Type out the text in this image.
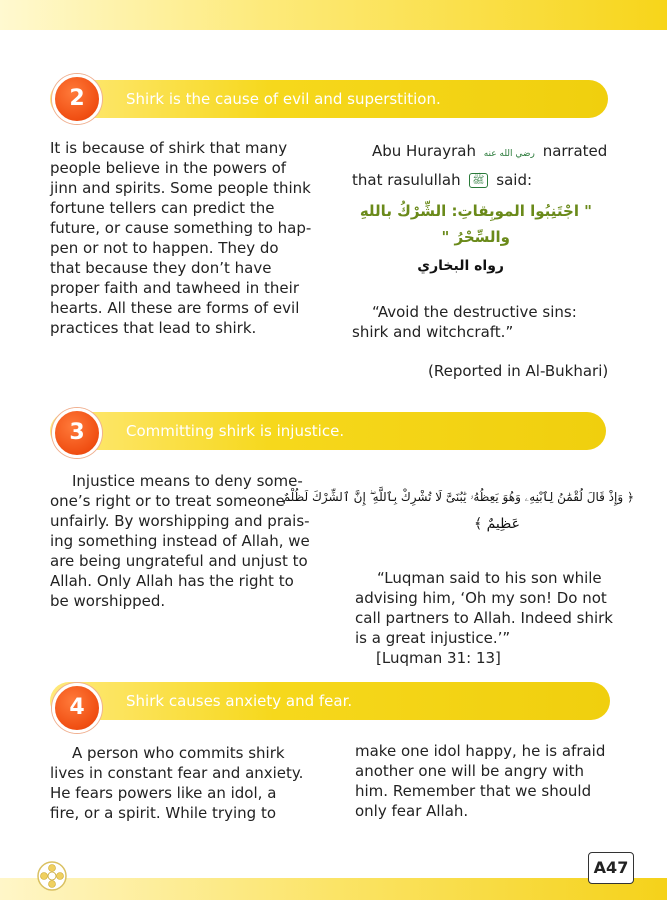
Shirk is the cause of evil and superstition.
2
It is because of shirk that many
people believe in the powers of
jinn and spirits. Some people think
fortune tellers can predict the
future, or cause something to hap-
pen or not to happen. They do
that because they don’t have
proper faith and tawheed in their
hearts. All these are forms of evil
practices that lead to shirk.
Abu Hurayrah رضي الله عنه narrated
that rasulullah ﷺ said:
" اجْتَنِبُوا الموبِقاتِ: الشِّرْكُ باللهِ
والسِّحْرُ "
رواه البخاري
“Avoid the destructive sins:
shirk and witchcraft.”
(Reported in Al-Bukhari)
Committing shirk is injustice.
3
Injustice means to deny some-
one’s right or to treat someone
unfairly. By worshipping and prais-
ing something instead of Allah, we
are being ungrateful and unjust to
Allah. Only Allah has the right to
be worshipped.
﴿ وَإِذْ قَالَ لُقْمَٰنُ لِٱبْنِهِۦ وَهُوَ يَعِظُهُۥ يَٰبُنَىَّ لَا تُشْرِكْ بِٱللَّهِ ۖ إِنَّ ٱلشِّرْكَ لَظُلْمٌ
عَظِيمٌ ﴾
“Luqman said to his son while
advising him, ‘Oh my son! Do not
call partners to Allah. Indeed shirk
is a great injustice.’”
[Luqman 31: 13]
Shirk causes anxiety and fear.
4
A person who commits shirk
lives in constant fear and anxiety.
He fears powers like an idol, a
fire, or a spirit. While trying to
make one idol happy, he is afraid
another one will be angry with
him. Remember that we should
only fear Allah.
A47
